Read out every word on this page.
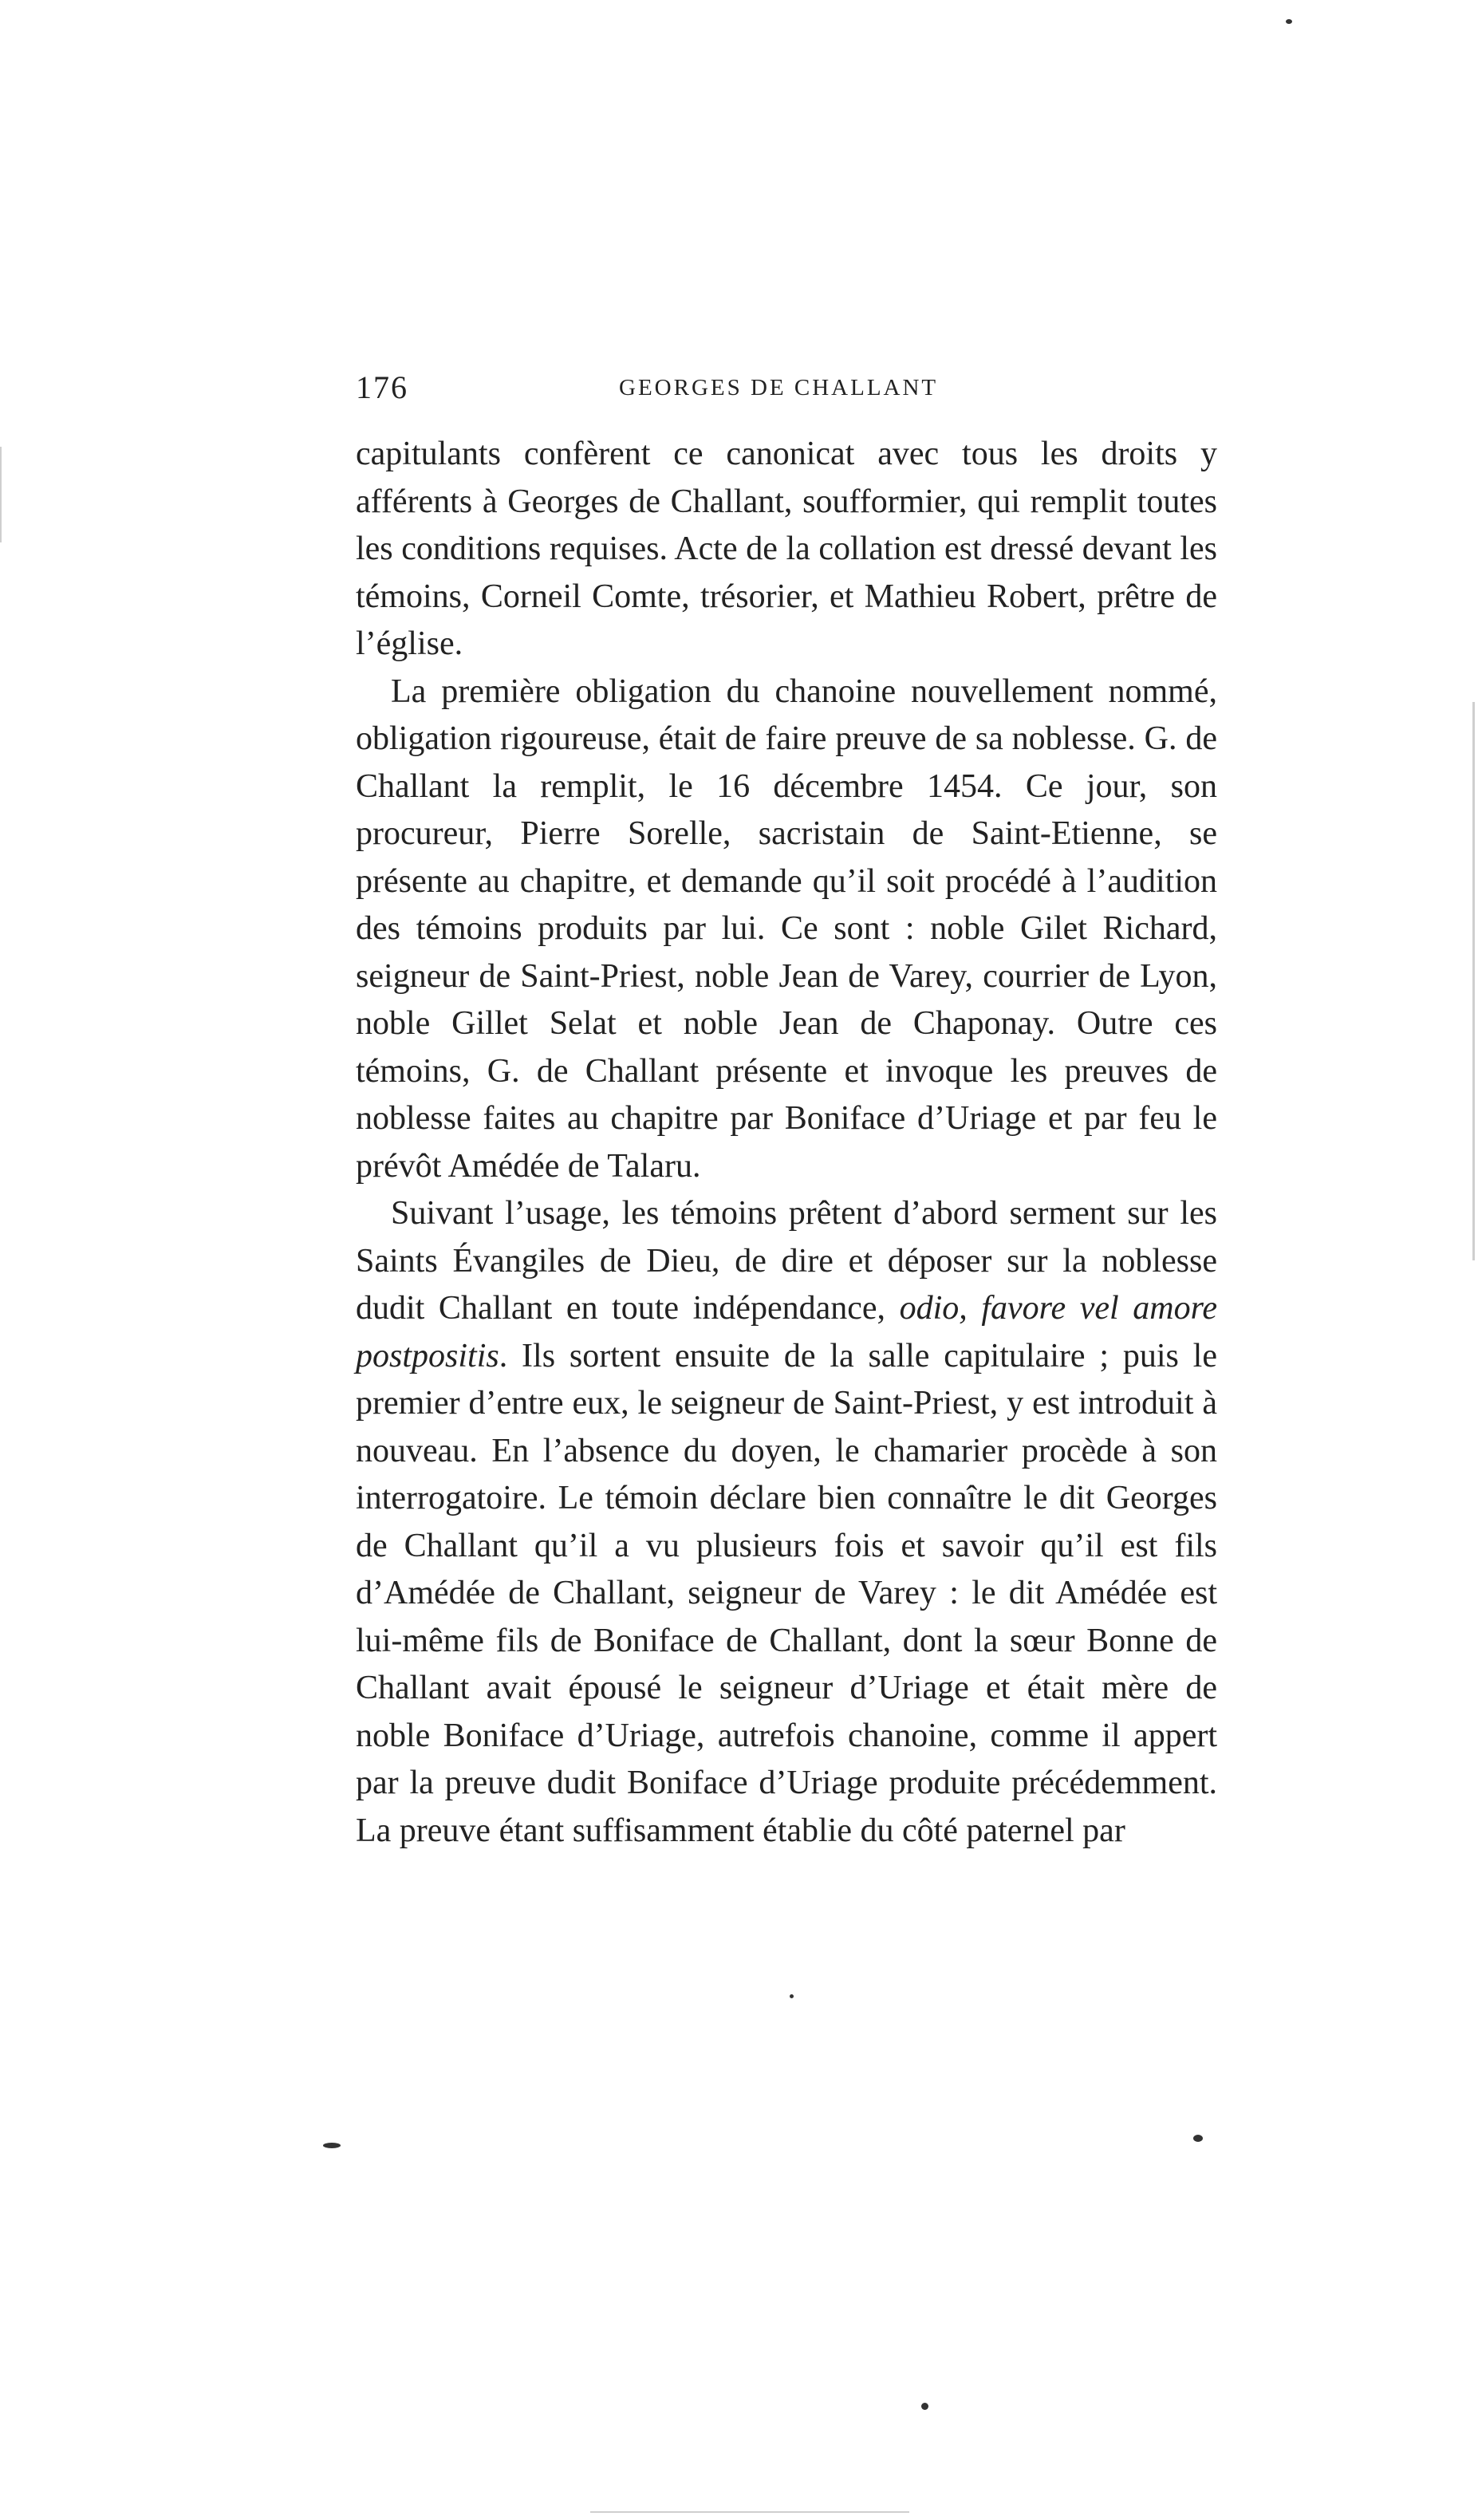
176	GEORGES DE CHALLANT

capitulants confèrent ce canonicat avec tous les droits y afférents à Georges de Challant, soufformier, qui remplit toutes les conditions requises. Acte de la collation est dressé devant les témoins, Corneil Comte, trésorier, et Mathieu Robert, prêtre de l’église.

La première obligation du chanoine nouvellement nommé, obligation rigoureuse, était de faire preuve de sa noblesse. G. de Challant la remplit, le 16 décembre 1454. Ce jour, son procureur, Pierre Sorelle, sacristain de Saint-Etienne, se présente au chapitre, et demande qu’il soit procédé à l’audition des témoins produits par lui. Ce sont : noble Gilet Richard, seigneur de Saint-Priest, noble Jean de Varey, courrier de Lyon, noble Gillet Selat et noble Jean de Chaponay. Outre ces témoins, G. de Challant présente et invoque les preuves de noblesse faites au chapitre par Boniface d’Uriage et par feu le prévôt Amédée de Talaru.

Suivant l’usage, les témoins prêtent d’abord serment sur les Saints Évangiles de Dieu, de dire et déposer sur la noblesse dudit Challant en toute indépendance, odio, favore vel amore postpositis. Ils sortent ensuite de la salle capitulaire ; puis le premier d’entre eux, le seigneur de Saint-Priest, y est introduit à nouveau. En l’absence du doyen, le chamarier procède à son interrogatoire. Le témoin déclare bien connaître le dit Georges de Challant qu’il a vu plusieurs fois et savoir qu’il est fils d’Amédée de Challant, seigneur de Varey : le dit Amédée est lui-même fils de Boniface de Challant, dont la sœur Bonne de Challant avait épousé le seigneur d’Uriage et était mère de noble Boniface d’Uriage, autrefois chanoine, comme il appert par la preuve dudit Boniface d’Uriage produite précédemment. La preuve étant suffisamment établie du côté paternel par
